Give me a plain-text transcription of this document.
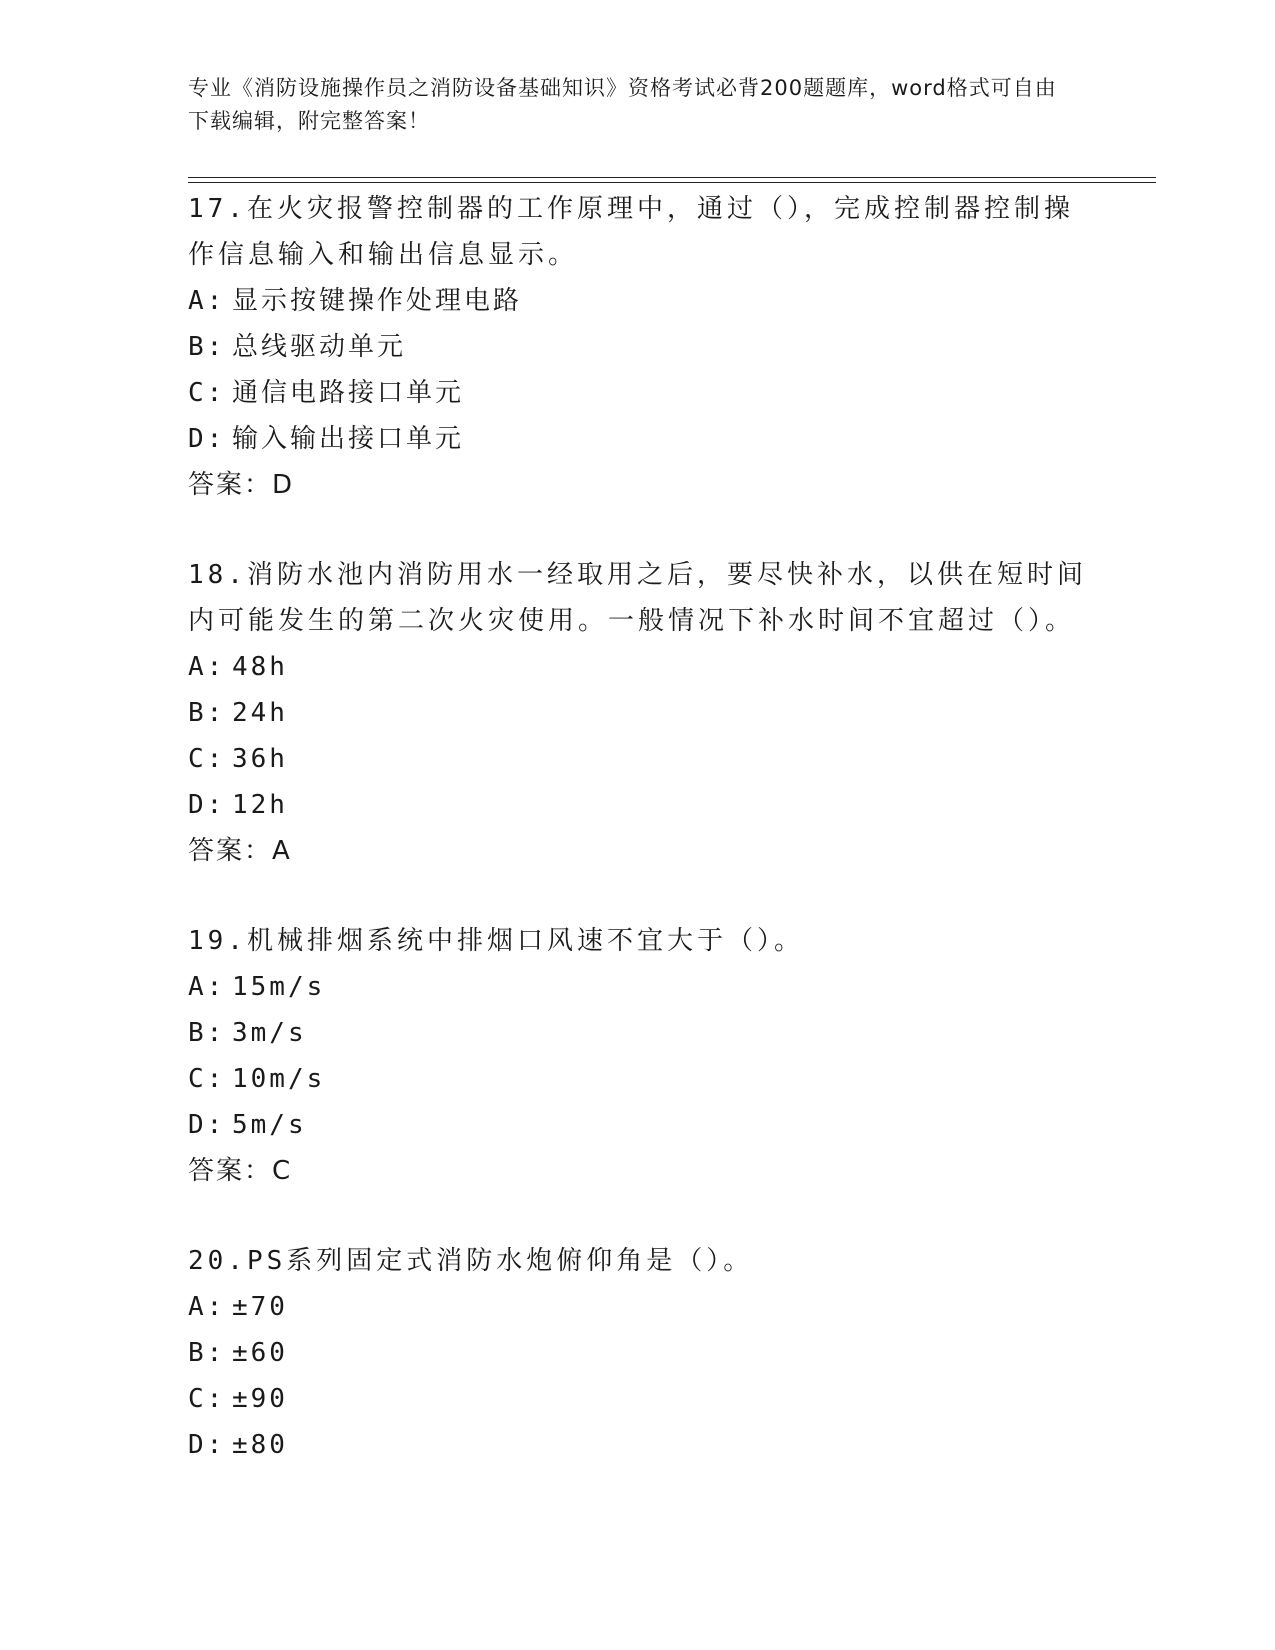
专业《消防设施操作员之消防设备基础知识》资格考试必背200题题库，word格式可自由下载编辑，附完整答案！
17.在火灾报警控制器的工作原理中，通过（），完成控制器控制操作信息输入和输出信息显示。
A: 显示按键操作处理电路
B: 总线驱动单元
C: 通信电路接口单元
D: 输入输出接口单元
答案：D
18.消防水池内消防用水一经取用之后，要尽快补水，以供在短时间内可能发生的第二次火灾使用。一般情况下补水时间不宜超过（）。
A: 48h
B: 24h
C: 36h
D: 12h
答案：A
19.机械排烟系统中排烟口风速不宜大于（）。
A: 15m/s
B: 3m/s
C: 10m/s
D: 5m/s
答案：C
20.PS系列固定式消防水炮俯仰角是（）。
A: ±70
B: ±60
C: ±90
D: ±80
